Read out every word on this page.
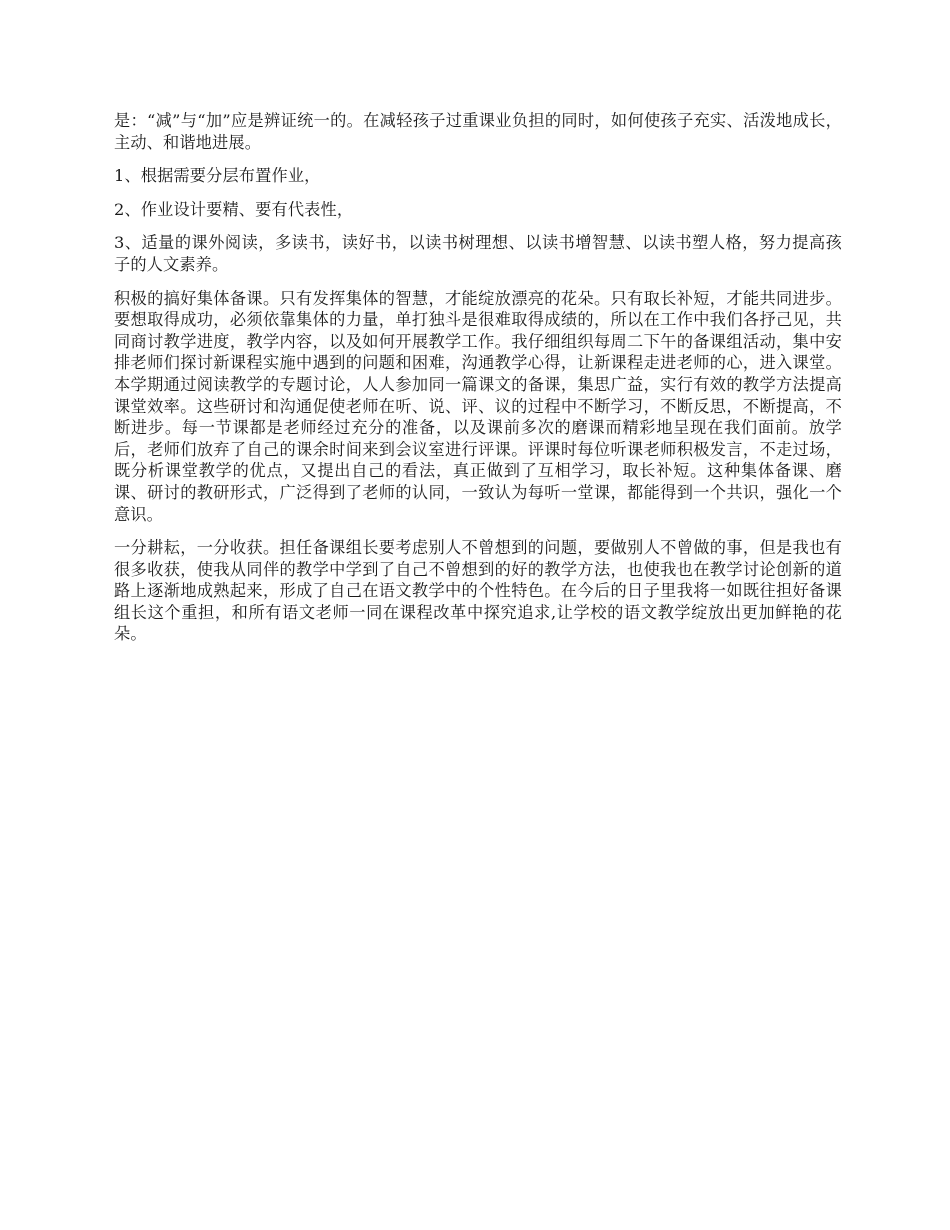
是：“减”与“加”应是辨证统一的。在减轻孩子过重课业负担的同时，如何使孩子充实、活泼地成长，主动、和谐地进展。

1、根据需要分层布置作业，

2、作业设计要精、要有代表性，

3、适量的课外阅读，多读书，读好书，以读书树理想、以读书增智慧、以读书塑人格，努力提高孩子的人文素养。

积极的搞好集体备课。只有发挥集体的智慧，才能绽放漂亮的花朵。只有取长补短，才能共同进步。要想取得成功，必须依靠集体的力量，单打独斗是很难取得成绩的，所以在工作中我们各抒己见，共同商讨教学进度，教学内容，以及如何开展教学工作。我仔细组织每周二下午的备课组活动，集中安排老师们探讨新课程实施中遇到的问题和困难，沟通教学心得，让新课程走进老师的心，进入课堂。本学期通过阅读教学的专题讨论，人人参加同一篇课文的备课，集思广益，实行有效的教学方法提高课堂效率。这些研讨和沟通促使老师在听、说、评、议的过程中不断学习，不断反思，不断提高，不断进步。每一节课都是老师经过充分的准备，以及课前多次的磨课而精彩地呈现在我们面前。放学后，老师们放弃了自己的课余时间来到会议室进行评课。评课时每位听课老师积极发言，不走过场，既分析课堂教学的优点，又提出自己的看法，真正做到了互相学习，取长补短。这种集体备课、磨课、研讨的教研形式，广泛得到了老师的认同，一致认为每听一堂课，都能得到一个共识，强化一个意识。

一分耕耘，一分收获。担任备课组长要考虑别人不曾想到的问题，要做别人不曾做的事，但是我也有很多收获，使我从同伴的教学中学到了自己不曾想到的好的教学方法，也使我也在教学讨论创新的道路上逐渐地成熟起来，形成了自己在语文教学中的个性特色。在今后的日子里我将一如既往担好备课组长这个重担，和所有语文老师一同在课程改革中探究追求,让学校的语文教学绽放出更加鲜艳的花朵。
